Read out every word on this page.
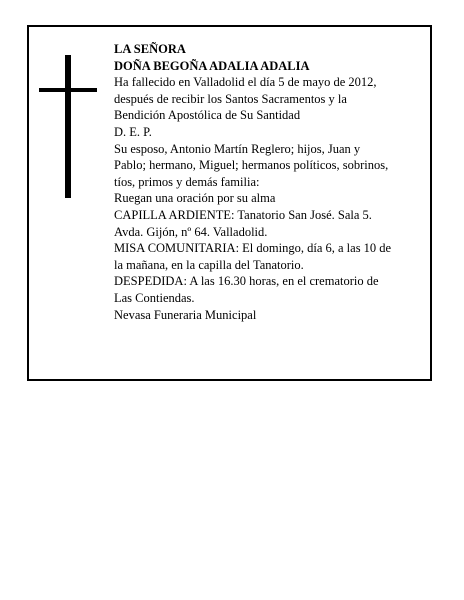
LA SEÑORA
DOÑA BEGOÑA ADALIA ADALIA
Ha fallecido en Valladolid el día 5 de mayo de 2012,
después de recibir los Santos Sacramentos y la
Bendición Apostólica de Su Santidad
D. E. P.
Su esposo, Antonio Martín Reglero; hijos, Juan y
Pablo; hermano, Miguel; hermanos políticos, sobrinos,
tíos, primos y demás familia:
Ruegan una oración por su alma
CAPILLA ARDIENTE: Tanatorio San José. Sala 5.
Avda. Gijón, nº 64. Valladolid.
MISA COMUNITARIA: El domingo, día 6, a las 10 de
la mañana, en la capilla del Tanatorio.
DESPEDIDA: A las 16.30 horas, en el crematorio de
Las Contiendas.
Nevasa Funeraria Municipal
